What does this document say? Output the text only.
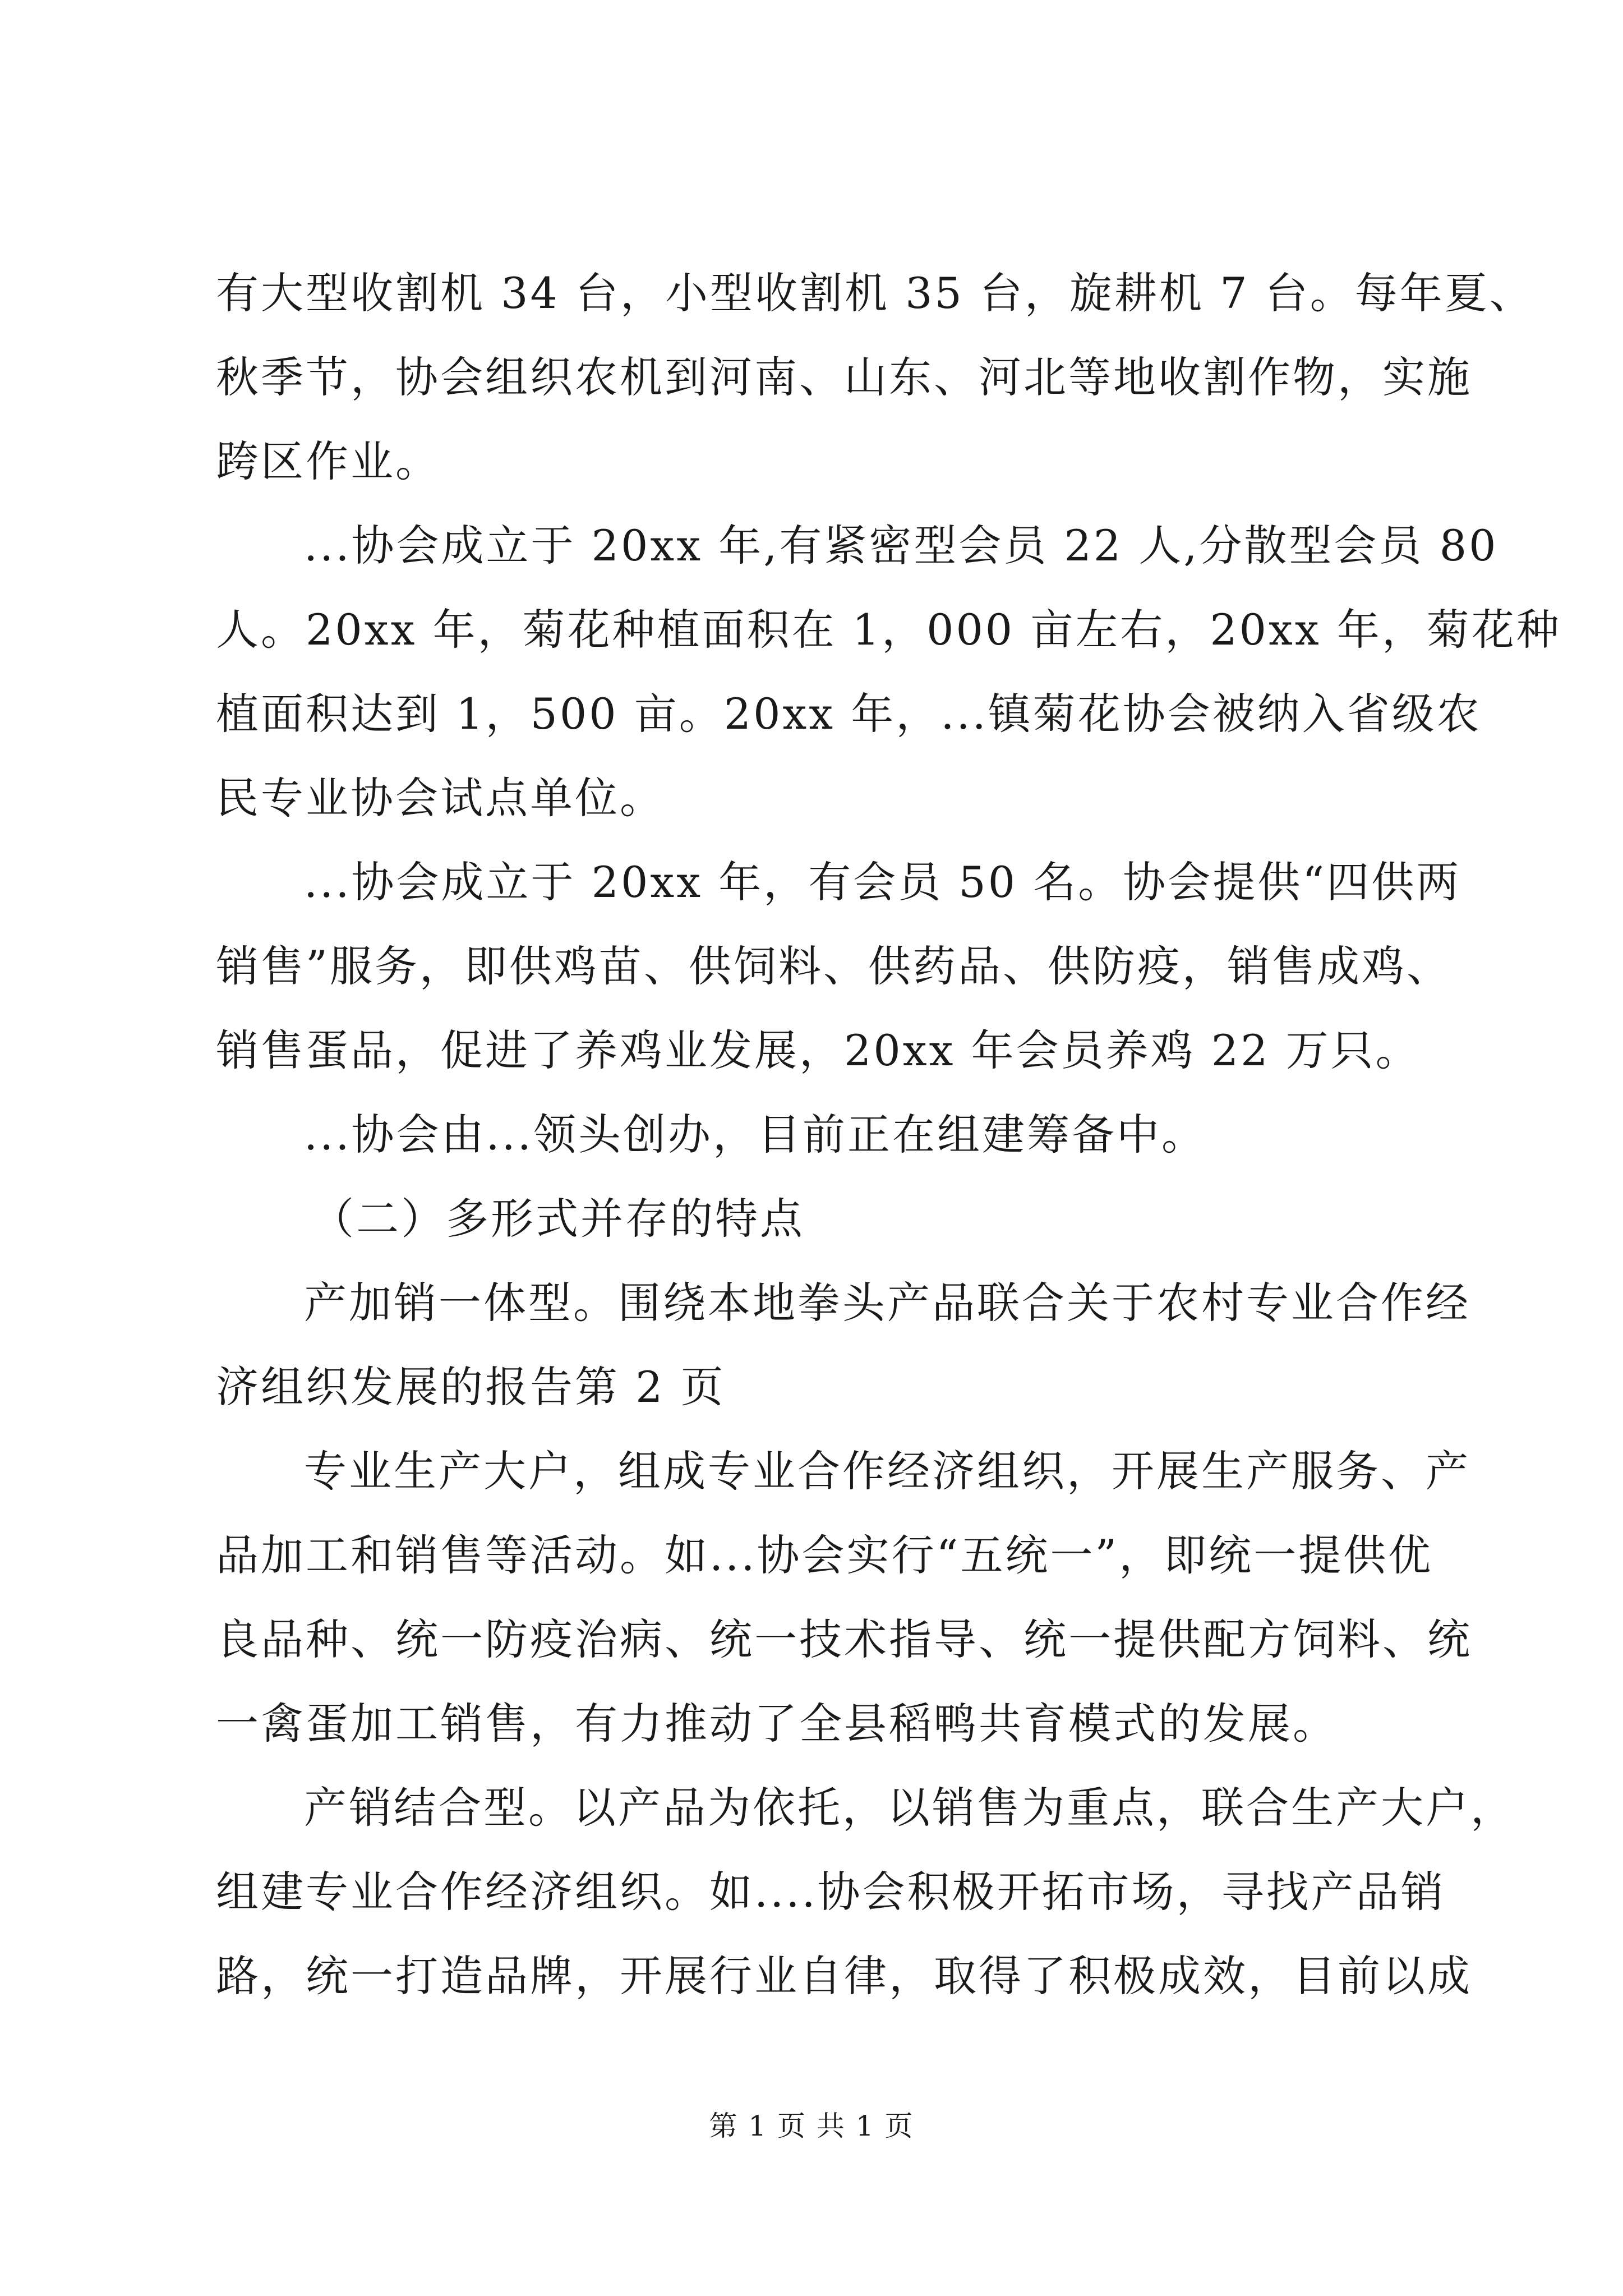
有大型收割机 34 台，小型收割机 35 台，旋耕机 7 台。每年夏、
秋季节，协会组织农机到河南、山东、河北等地收割作物，实施
跨区作业。
...协会成立于 20xx 年,有紧密型会员 22 人,分散型会员 80
人。20xx 年，菊花种植面积在 1，000 亩左右，20xx 年，菊花种
植面积达到 1，500 亩。20xx 年，...镇菊花协会被纳入省级农
民专业协会试点单位。
...协会成立于 20xx 年，有会员 50 名。协会提供“四供两
销售”服务，即供鸡苗、供饲料、供药品、供防疫，销售成鸡、
销售蛋品，促进了养鸡业发展，20xx 年会员养鸡 22 万只。
...协会由...领头创办，目前正在组建筹备中。
（二）多形式并存的特点
产加销一体型。围绕本地拳头产品联合关于农村专业合作经
济组织发展的报告第 2 页
专业生产大户，组成专业合作经济组织，开展生产服务、产
品加工和销售等活动。如...协会实行“五统一”，即统一提供优
良品种、统一防疫治病、统一技术指导、统一提供配方饲料、统
一禽蛋加工销售，有力推动了全县稻鸭共育模式的发展。
产销结合型。以产品为依托，以销售为重点，联合生产大户，
组建专业合作经济组织。如....协会积极开拓市场，寻找产品销
路，统一打造品牌，开展行业自律，取得了积极成效，目前以成
第 1 页 共 1 页
